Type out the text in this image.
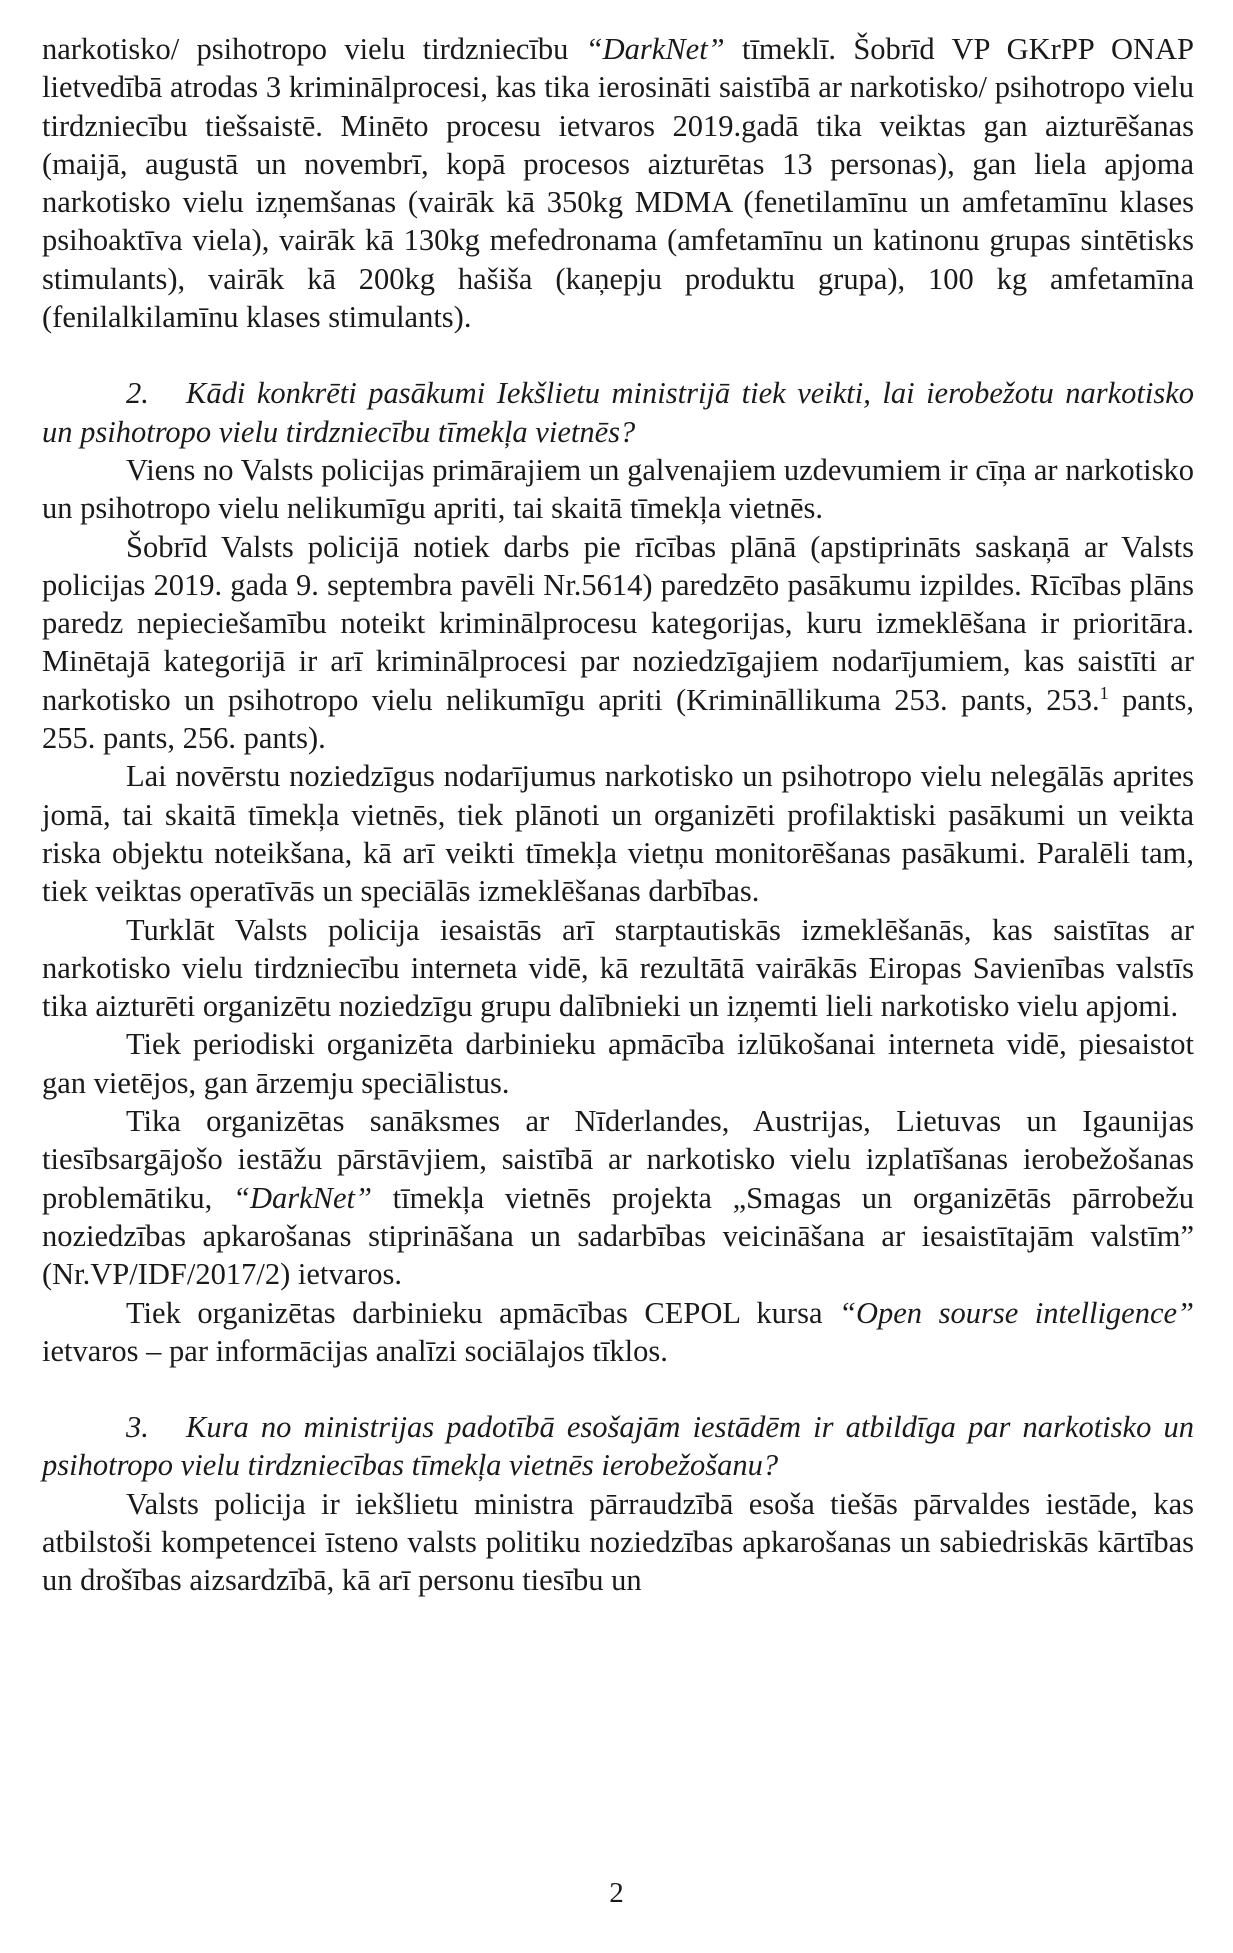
narkotisko/ psihotropo vielu tirdzniecību “DarkNet” tīmeklī. Šobrīd VP GKrPP ONAP lietvedībā atrodas 3 kriminālprocesi, kas tika ierosināti saistībā ar narkotisko/ psihotropo vielu tirdzniecību tiešsaistē. Minēto procesu ietvaros 2019.gadā tika veiktas gan aizturēšanas (maijā, augustā un novembrī, kopā procesos aizturētas 13 personas), gan liela apjoma narkotisko vielu izņemšanas (vairāk kā 350kg MDMA (fenetilamīnu un amfetamīnu klases psihoaktīva viela), vairāk kā 130kg mefedronama (amfetamīnu un katinonu grupas sintētisks stimulants), vairāk kā 200kg hašiša (kaņepju produktu grupa), 100 kg amfetamīna (fenilalkilamīnu klases stimulants).

2. Kādi konkrēti pasākumi Iekšlietu ministrijā tiek veikti, lai ierobežotu narkotisko un psihotropo vielu tirdzniecību tīmekļa vietnēs?

Viens no Valsts policijas primārajiem un galvenajiem uzdevumiem ir cīņa ar narkotisko un psihotropo vielu nelikumīgu apriti, tai skaitā tīmekļa vietnēs.

Šobrīd Valsts policijā notiek darbs pie rīcības plānā (apstiprināts saskaņā ar Valsts policijas 2019. gada 9. septembra pavēli Nr.5614) paredzēto pasākumu izpildes. Rīcības plāns paredz nepieciešamību noteikt kriminālprocesu kategorijas, kuru izmeklēšana ir prioritāra. Minētajā kategorijā ir arī kriminālprocesi par noziedzīgajiem nodarījumiem, kas saistīti ar narkotisko un psihotropo vielu nelikumīgu apriti (Krimināllikuma 253. pants, 253.$^1$ pants, 255. pants, 256. pants).

Lai novērstu noziedzīgus nodarījumus narkotisko un psihotropo vielu nelegālās aprites jomā, tai skaitā tīmekļa vietnēs, tiek plānoti un organizēti profilaktiski pasākumi un veikta riska objektu noteikšana, kā arī veikti tīmekļa vietņu monitorēšanas pasākumi. Paralēli tam, tiek veiktas operatīvās un speciālās izmeklēšanas darbības.

Turklāt Valsts policija iesaistās arī starptautiskās izmeklēšanās, kas saistītas ar narkotisko vielu tirdzniecību interneta vidē, kā rezultātā vairākās Eiropas Savienības valstīs tika aizturēti organizētu noziedzīgu grupu dalībnieki un izņemti lieli narkotisko vielu apjomi.

Tiek periodiski organizēta darbinieku apmācība izlūkošanai interneta vidē, piesaistot gan vietējos, gan ārzemju speciālistus.

Tika organizētas sanāksmes ar Nīderlandes, Austrijas, Lietuvas un Igaunijas tiesībsargājošo iestāžu pārstāvjiem, saistībā ar narkotisko vielu izplatīšanas ierobežošanas problemātiku, “DarkNet” tīmekļa vietnēs projekta „Smagas un organizētās pārrobežu noziedzības apkarošanas stiprināšana un sadarbības veicināšana ar iesaistītajām valstīm” (Nr.VP/IDF/2017/2) ietvaros.

Tiek organizētas darbinieku apmācības CEPOL kursa “Open sourse intelligence” ietvaros – par informācijas analīzi sociālajos tīklos.

3. Kura no ministrijas padotībā esošajām iestādēm ir atbildīga par narkotisko un psihotropo vielu tirdzniecības tīmekļa vietnēs ierobežošanu?

Valsts policija ir iekšlietu ministra pārraudzībā esoša tiešās pārvaldes iestāde, kas atbilstoši kompetencei īsteno valsts politiku noziedzības apkarošanas un sabiedriskās kārtības un drošības aizsardzībā, kā arī personu tiesību un

2
